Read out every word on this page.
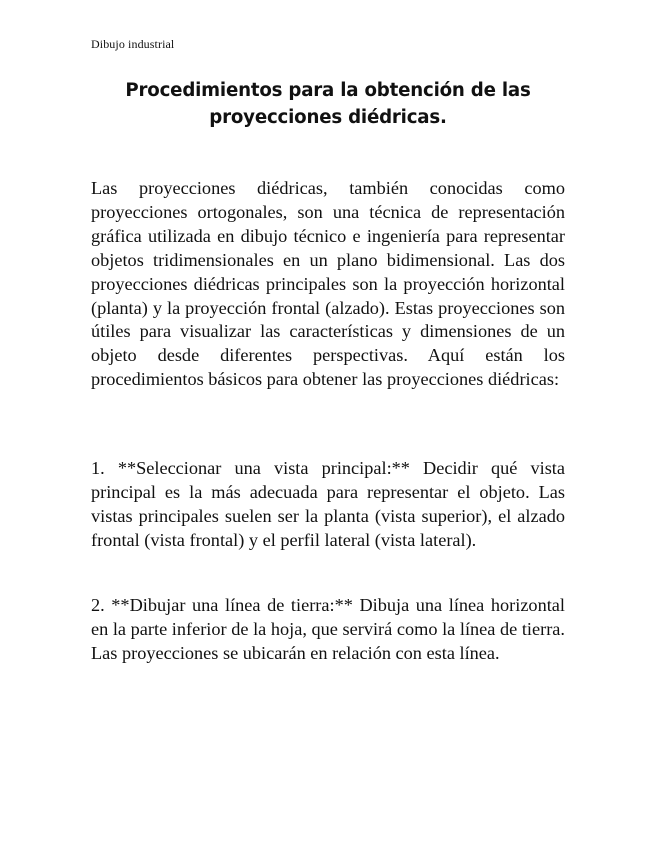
Dibujo industrial
Procedimientos para la obtención de las
proyecciones diédricas.

Las proyecciones diédricas, también conocidas como proyecciones ortogonales, son una técnica de representación gráfica utilizada en dibujo técnico e ingeniería para representar objetos tridimensionales en un plano bidimensional. Las dos proyecciones diédricas principales son la proyección horizontal (planta) y la proyección frontal (alzado). Estas proyecciones son útiles para visualizar las características y dimensiones de un objeto desde diferentes perspectivas. Aquí están los procedimientos básicos para obtener las proyecciones diédricas:

1. **Seleccionar una vista principal:** Decidir qué vista principal es la más adecuada para representar el objeto. Las vistas principales suelen ser la planta (vista superior), el alzado frontal (vista frontal) y el perfil lateral (vista lateral).

2. **Dibujar una línea de tierra:** Dibuja una línea horizontal en la parte inferior de la hoja, que servirá como la línea de tierra. Las proyecciones se ubicarán en relación con esta línea.
